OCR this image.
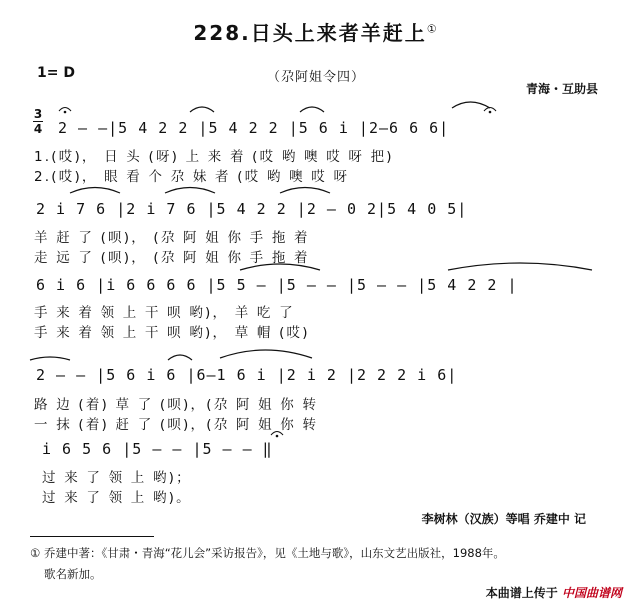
228.日头上来者羊赶上①
1= D	（尕阿姐令四）
青海・互助县
3
4 2 — —|5 4 2 2 |5 4 2 2 |5 6 i |2—6 6 6|
1.(哎)， 日 头 (呀) 上 来 着 (哎 哟 噢 哎 呀 把)
2.(哎)， 眼 看 个 尕 妹 者 (哎 哟 噢 哎 呀
2 i 7 6 |2 i 7 6 |5 4 2 2 |2 — 0 2|5 4 0 5|
羊 赶 了 (呗)， (尕 阿 姐 你 手 拖 着
走 远 了 (呗)， (尕 阿 姐 你 手 拖 着
6 i 6 |i 6 6 6 6 |5 5 — |5 — — |5 — — |5 4 2 2 |
手 来 着 领 上 干 呗 哟)， 羊 吃 了
手 来 着 领 上 干 呗 哟)， 草 帽 (哎)
2 — — |5 6 i 6 |6—1 6 i |2 i 2 |2 2 2 i 6|
路 边 (着) 草 了 (呗)，(尕 阿 姐 你 转
一 抹 (着) 赶 了 (呗)，(尕 阿 姐 你 转
i 6 5 6 |5 — — |5 — — ‖
过 来 了 领 上 哟)；
过 来 了 领 上 哟)。
李树林（汉族）等唱 乔建中 记
① 乔建中著：《甘肃・青海“花儿会”采访报告》，见《土地与歌》，山东文艺出版社，1988年。
歌名新加。
本曲谱上传于 中国曲谱网
